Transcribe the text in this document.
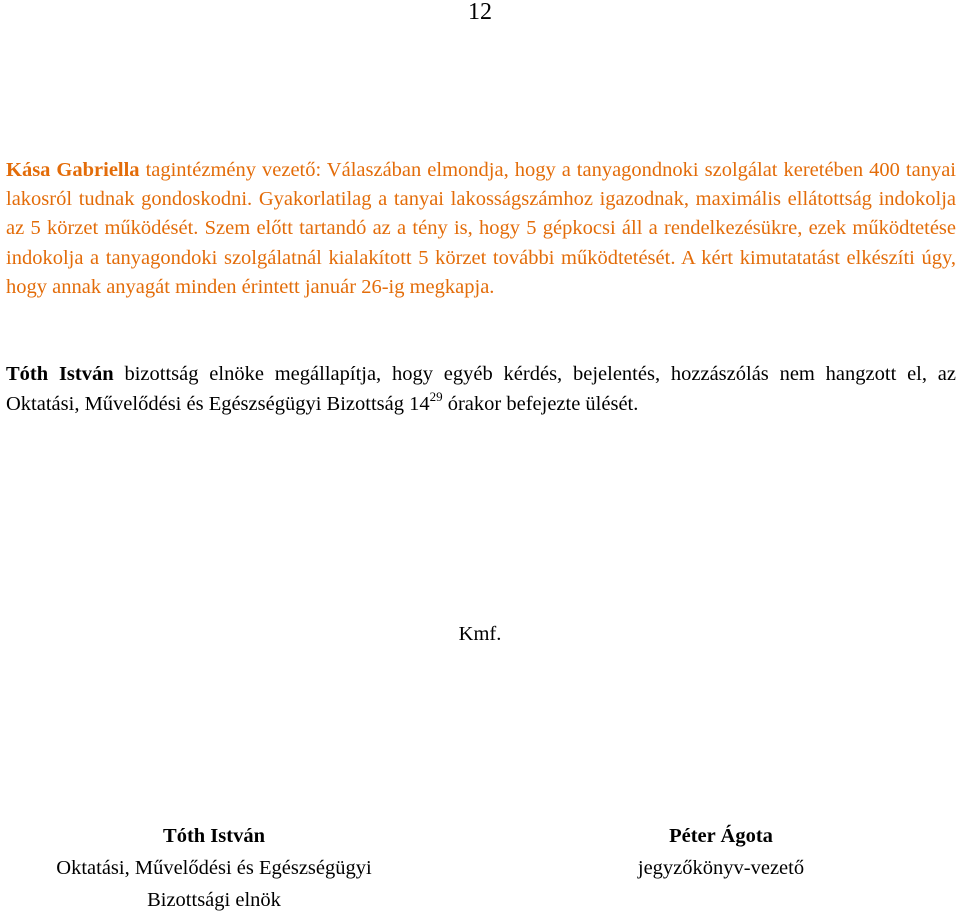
12

Kása Gabriella tagintézmény vezető: Válaszában elmondja, hogy a tanyagondnoki szolgálat keretében 400 tanyai lakosról tudnak gondoskodni. Gyakorlatilag a tanyai lakosságszámhoz igazodnak, maximális ellátottság indokolja az 5 körzet működését. Szem előtt tartandó az a tény is, hogy 5 gépkocsi áll a rendelkezésükre, ezek működtetése indokolja a tanyagondoki szolgálatnál kialakított 5 körzet további működtetését. A kért kimutatatást elkészíti úgy, hogy annak anyagát minden érintett január 26-ig megkapja.

Tóth István bizottság elnöke megállapítja, hogy egyéb kérdés, bejelentés, hozzászólás nem hangzott el, az Oktatási, Művelődési és Egészségügyi Bizottság $14^{29}$ órakor befejezte ülését.

Kmf.
Tóth István
Oktatási, Művelődési és Egészségügyi
Bizottsági elnök
Péter Ágota
jegyzőkönyv-vezető
